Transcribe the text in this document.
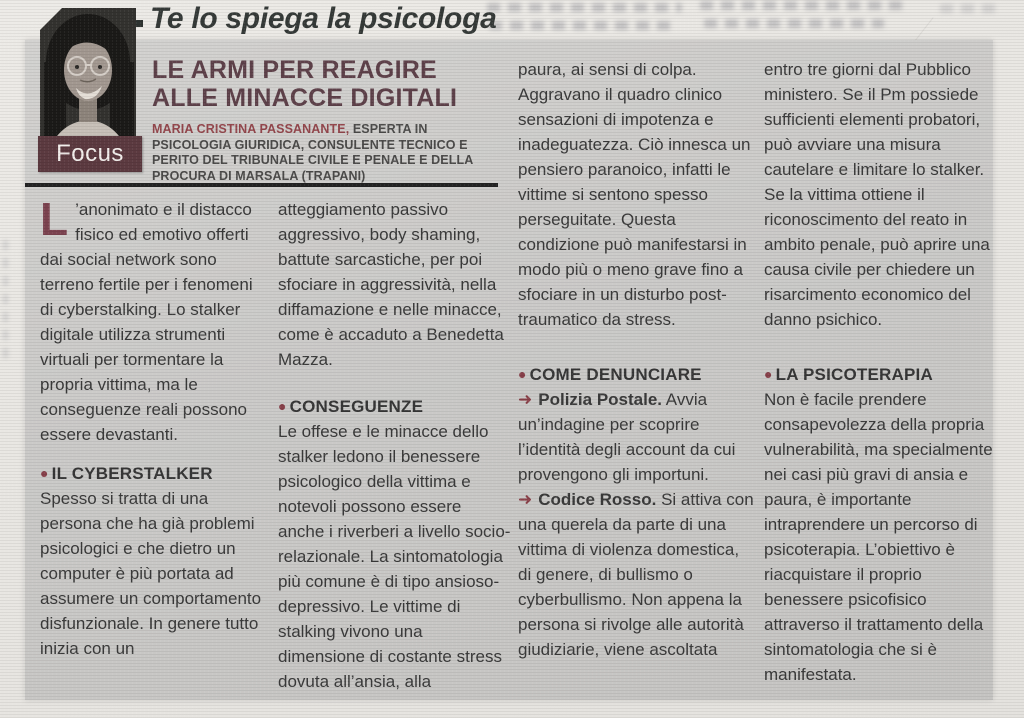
Focus
Te lo spiega la psicologa
LE ARMI PER REAGIRE
ALLE MINACCE DIGITALI
MARIA CRISTINA PASSANANTE, ESPERTA IN PSICOLOGIA GIURIDICA, CONSULENTE TECNICO E PERITO DEL TRIBUNALE CIVILE E PENALE E DELLA PROCURA DI MARSALA (TRAPANI)

L ’anonimato e il distacco fisico ed emotivo offerti dai social network sono terreno fertile per i fenomeni di cyberstalking. Lo stalker digitale utilizza strumenti virtuali per tormentare la propria vittima, ma le conseguenze reali possono essere devastanti.

● IL CYBERSTALKER

Spesso si tratta di una persona che ha già problemi psicologici e che dietro un computer è più portata ad assumere un comportamento disfunzionale. In genere tutto inizia con un

atteggiamento passivo aggressivo, body shaming, battute sarcastiche, per poi sfociare in aggressività, nella diffamazione e nelle minacce, come è accaduto a Benedetta Mazza.

● CONSEGUENZE

Le offese e le minacce dello stalker ledono il benessere psicologico della vittima e notevoli possono essere anche i riverberi a livello socio-relazionale. La sintomatologia più comune è di tipo ansioso-depressivo. Le vittime di stalking vivono una dimensione di costante stress dovuta all’ansia, alla

paura, ai sensi di colpa. Aggravano il quadro clinico sensazioni di impotenza e inadeguatezza. Ciò innesca un pensiero paranoico, infatti le vittime si sentono spesso perseguitate. Questa condizione può manifestarsi in modo più o meno grave fino a sfociare in un disturbo post-traumatico da stress.

● COME DENUNCIARE

➜ Polizia Postale. Avvia un’indagine per scoprire l’identità degli account da cui provengono gli importuni.

➜ Codice Rosso. Si attiva con una querela da parte di una vittima di violenza domestica, di genere, di bullismo o cyberbullismo. Non appena la persona si rivolge alle autorità giudiziarie, viene ascoltata

entro tre giorni dal Pubblico ministero. Se il Pm possiede sufficienti elementi probatori, può avviare una misura cautelare e limitare lo stalker. Se la vittima ottiene il riconoscimento del reato in ambito penale, può aprire una causa civile per chiedere un risarcimento economico del danno psichico.

● LA PSICOTERAPIA

Non è facile prendere consapevolezza della propria vulnerabilità, ma specialmente nei casi più gravi di ansia e paura, è importante intraprendere un percorso di psicoterapia. L’obiettivo è riacquistare il proprio benessere psicofisico attraverso il trattamento della sintomatologia che si è manifestata.
